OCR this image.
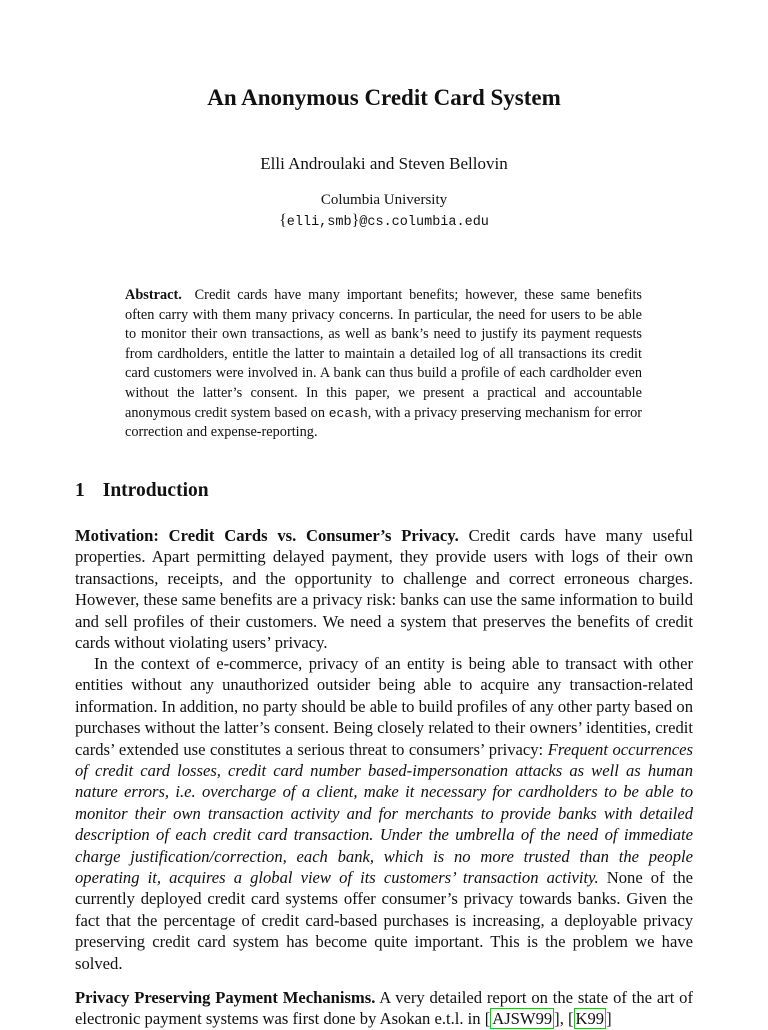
An Anonymous Credit Card System
Elli Androulaki and Steven Bellovin
Columbia University
{elli,smb}@cs.columbia.edu
Abstract. Credit cards have many important benefits; however, these same benefits often carry with them many privacy concerns. In particular, the need for users to be able to monitor their own transactions, as well as bank’s need to justify its payment requests from cardholders, entitle the latter to maintain a detailed log of all transactions its credit card customers were involved in. A bank can thus build a profile of each cardholder even without the latter’s consent. In this paper, we present a practical and accountable anonymous credit system based on ecash, with a privacy preserving mechanism for error correction and expense-reporting.
1 Introduction
Motivation: Credit Cards vs. Consumer’s Privacy. Credit cards have many useful properties. Apart permitting delayed payment, they provide users with logs of their own transactions, receipts, and the opportunity to challenge and correct erroneous charges. However, these same benefits are a privacy risk: banks can use the same information to build and sell profiles of their customers. We need a system that preserves the benefits of credit cards without violating users’ privacy.
In the context of e-commerce, privacy of an entity is being able to transact with other entities without any unauthorized outsider being able to acquire any transaction-related information. In addition, no party should be able to build profiles of any other party based on purchases without the latter’s consent. Being closely related to their owners’ identities, credit cards’ extended use constitutes a serious threat to consumers’ privacy: Frequent occurrences of credit card losses, credit card number based-impersonation attacks as well as human nature errors, i.e. overcharge of a client, make it necessary for cardholders to be able to monitor their own transaction activity and for merchants to provide banks with detailed description of each credit card transaction. Under the umbrella of the need of immediate charge justification/correction, each bank, which is no more trusted than the people operating it, acquires a global view of its customers’ transaction activity. None of the currently deployed credit card systems offer consumer’s privacy towards banks. Given the fact that the percentage of credit card-based purchases is increasing, a deployable privacy preserving credit card system has become quite important. This is the problem we have solved.
Privacy Preserving Payment Mechanisms. A very detailed report on the state of the art of electronic payment systems was first done by Asokan e.t.l. in [ AJSW99 ], [ K99 ]
